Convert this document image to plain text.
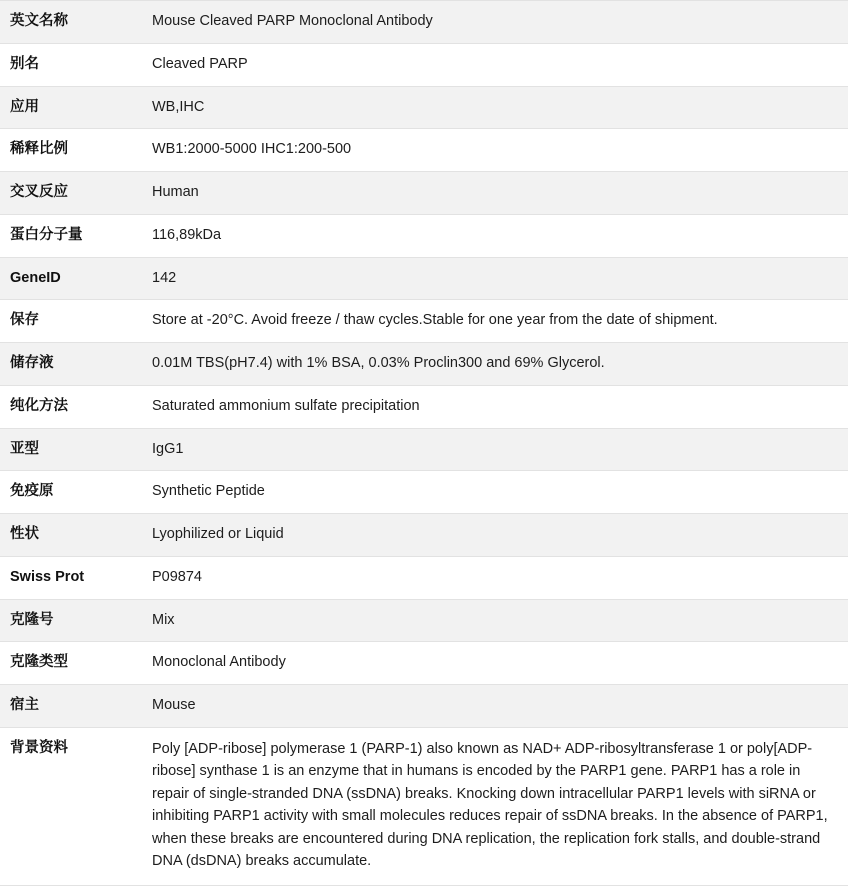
英文名称	Mouse Cleaved PARP Monoclonal Antibody
别名	Cleaved PARP
应用	WB,IHC
稀释比例	WB1:2000-5000 IHC1:200-500
交叉反应	Human
蛋白分子量	116,89kDa
GeneID	142
保存	Store at -20°C. Avoid freeze / thaw cycles.Stable for one year from the date of shipment.
储存液	0.01M TBS(pH7.4) with 1% BSA, 0.03% Proclin300 and 69% Glycerol.
纯化方法	Saturated ammonium sulfate precipitation
亚型	IgG1
免疫原	Synthetic Peptide
性状	Lyophilized or Liquid
Swiss Prot	P09874
克隆号	Mix
克隆类型	Monoclonal Antibody
宿主	Mouse
背景资料	Poly [ADP-ribose] polymerase 1 (PARP-1) also known as NAD+ ADP-ribosyltransferase 1 or poly[ADP-ribose] synthase 1 is an enzyme that in humans is encoded by the PARP1 gene. PARP1 has a role in repair of single-stranded DNA (ssDNA) breaks. Knocking down intracellular PARP1 levels with siRNA or inhibiting PARP1 activity with small molecules reduces repair of ssDNA breaks. In the absence of PARP1, when these breaks are encountered during DNA replication, the replication fork stalls, and double-strand DNA (dsDNA) breaks accumulate.
